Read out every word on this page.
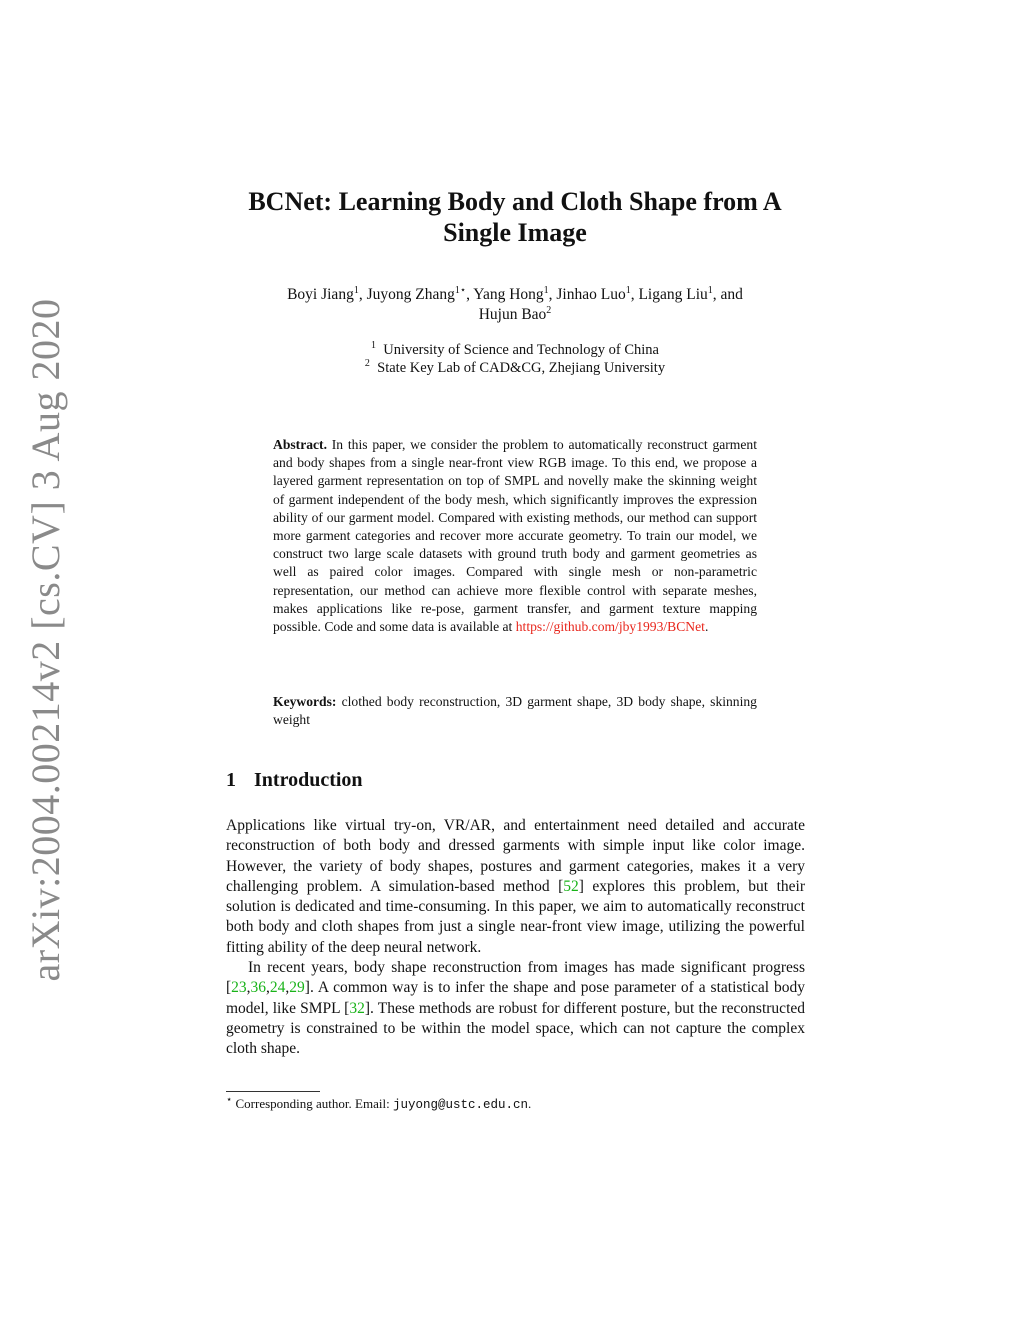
arXiv:2004.00214v2 [cs.CV] 3 Aug 2020
BCNet: Learning Body and Cloth Shape from A
Single Image
Boyi Jiang$^1$, Juyong Zhang$^{1⋆}$, Yang Hong$^1$, Jinhao Luo$^1$, Ligang Liu$^1$, and
Hujun Bao$^2$
$^1$ University of Science and Technology of China
$^2$ State Key Lab of CAD&CG, Zhejiang University
Abstract. In this paper, we consider the problem to automatically reconstruct garment and body shapes from a single near-front view RGB image. To this end, we propose a layered garment representation on top of SMPL and novelly make the skinning weight of garment independent of the body mesh, which significantly improves the expression ability of our garment model. Compared with existing methods, our method can support more garment categories and recover more accurate geometry. To train our model, we construct two large scale datasets with ground truth body and garment geometries as well as paired color images. Compared with single mesh or non-parametric representation, our method can achieve more flexible control with separate meshes, makes applications like re-pose, garment transfer, and garment texture mapping possible. Code and some data is available at https://github.com/jby1993/BCNet.
Keywords: clothed body reconstruction, 3D garment shape, 3D body shape, skinning weight
1 Introduction

Applications like virtual try-on, VR/AR, and entertainment need detailed and accurate reconstruction of both body and dressed garments with simple input like color image. However, the variety of body shapes, postures and garment categories, makes it a very challenging problem. A simulation-based method [52] explores this problem, but their solution is dedicated and time-consuming. In this paper, we aim to automatically reconstruct both body and cloth shapes from just a single near-front view image, utilizing the powerful fitting ability of the deep neural network.

In recent years, body shape reconstruction from images has made significant progress [23,36,24,29]. A common way is to infer the shape and pose parameter of a statistical body model, like SMPL [32]. These methods are robust for different posture, but the reconstructed geometry is constrained to be within the model space, which can not capture the complex cloth shape.

⋆ Corresponding author. Email: juyong@ustc.edu.cn.
